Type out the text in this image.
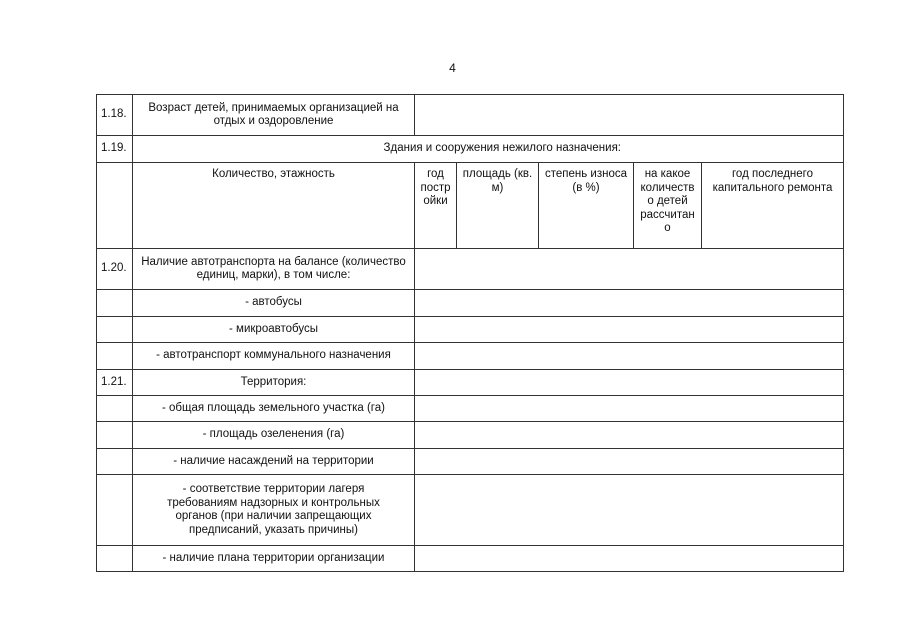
4
1.18.	Возраст детей, принимаемых организацией на отдых и оздоровление					
1.19.	Здания и сооружения нежилого назначения:					
	Количество, этажность	год постр ойки	площадь (кв. м)	степень износа (в %)	на какое количеств о детей рассчитан о	год последнего капитального ремонта
1.20.	Наличие автотранспорта на балансе (количество единиц, марки), в том числе:					
	- автобусы					
	- микроавтобусы					
	- автотранспорт коммунального назначения					
1.21.	Территория:					
	- общая площадь земельного участка (га)					
	- площадь озеленения (га)					
	- наличие насаждений на территории					
	- соответствие территории лагеря требованиям надзорных и контрольных органов (при наличии запрещающих предписаний, указать причины)					
	- наличие плана территории организации					
